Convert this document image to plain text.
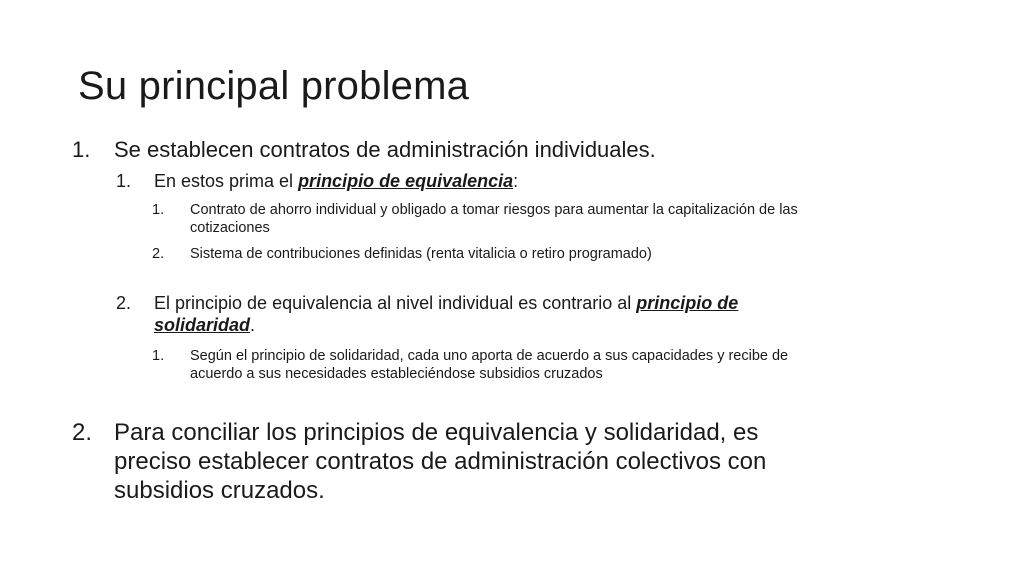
Su principal problema
1.	Se establecen contratos de administración individuales.
1. En estos prima el principio de equivalencia:
1. Contrato de ahorro individual y obligado a tomar riesgos para aumentar la capitalización de las cotizaciones
2. Sistema de contribuciones definidas (renta vitalicia o retiro programado)
2. El principio de equivalencia al nivel individual es contrario al principio de solidaridad.
1. Según el principio de solidaridad, cada uno aporta de acuerdo a sus capacidades y recibe de acuerdo a sus necesidades estableciéndose subsidios cruzados
2. Para conciliar los principios de equivalencia y solidaridad, es preciso establecer contratos de administración colectivos con subsidios cruzados.
